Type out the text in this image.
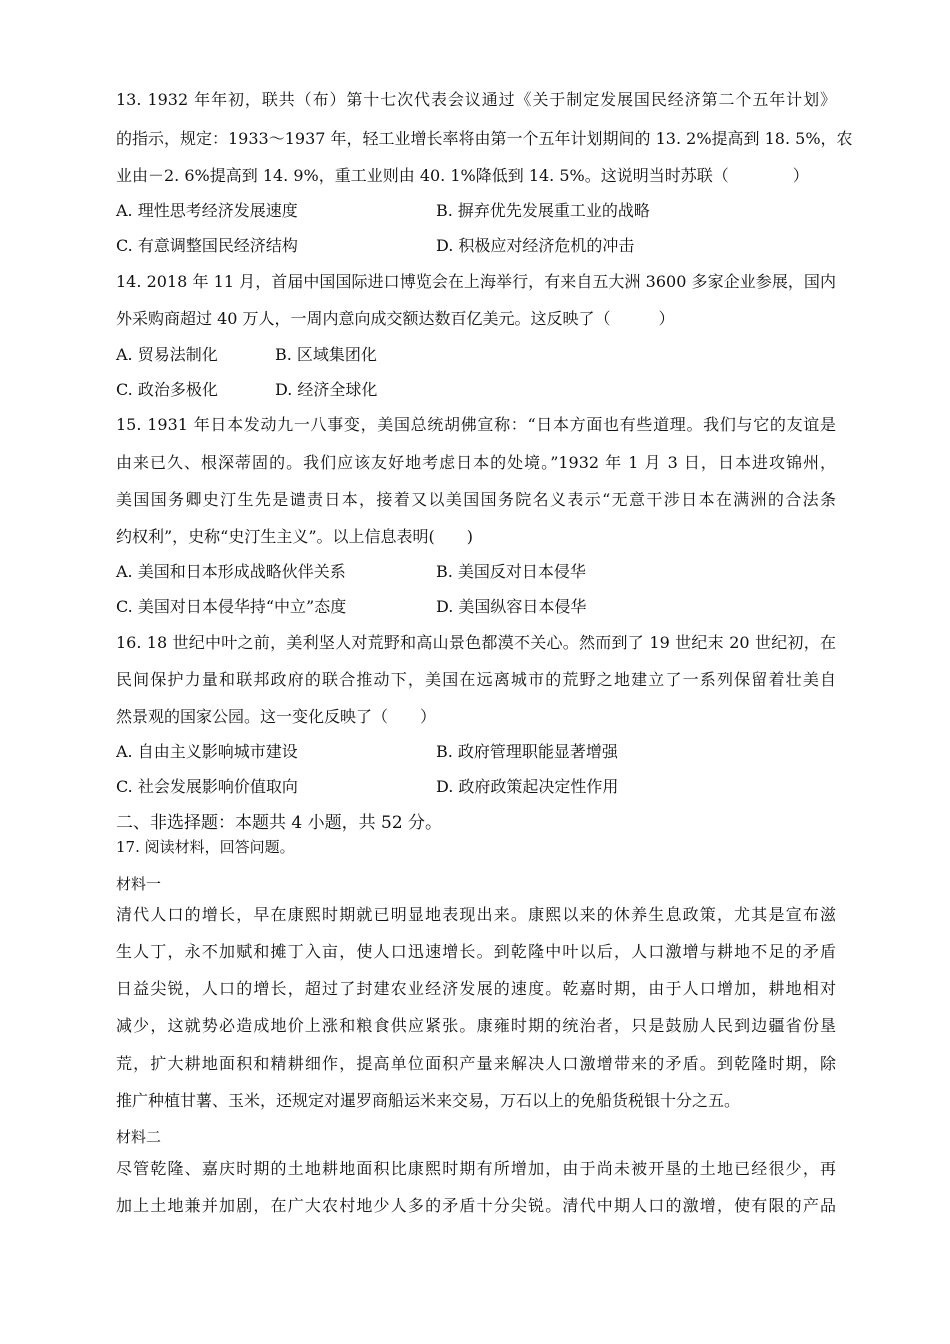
13. 1932 年年初，联共（布）第十七次代表会议通过《关于制定发展国民经济第二个五年计划》
的指示，规定：1933～1937 年，轻工业增长率将由第一个五年计划期间的 13. 2%提高到 18. 5%，农
业由－2. 6%提高到 14. 9%，重工业则由 40. 1%降低到 14. 5%。这说明当时苏联（　　　　）
A. 理性思考经济发展速度	B. 摒弃优先发展重工业的战略
C. 有意调整国民经济结构	D. 积极应对经济危机的冲击
14. 2018 年 11 月，首届中国国际进口博览会在上海举行，有来自五大洲 3600 多家企业参展，国内
外采购商超过 40 万人，一周内意向成交额达数百亿美元。这反映了（　　　）
A. 贸易法制化	B. 区域集团化
C. 政治多极化	D. 经济全球化
15. 1931 年日本发动九一八事变，美国总统胡佛宣称：“日本方面也有些道理。我们与它的友谊是
由来已久、根深蒂固的。我们应该友好地考虑日本的处境。”1932 年 1 月 3 日，日本进攻锦州，
美国国务卿史汀生先是谴责日本，接着又以美国国务院名义表示“无意干涉日本在满洲的合法条
约权利”，史称“史汀生主义”。以上信息表明(　　)
A. 美国和日本形成战略伙伴关系	B. 美国反对日本侵华
C. 美国对日本侵华持“中立”态度	D. 美国纵容日本侵华
16. 18 世纪中叶之前，美利坚人对荒野和高山景色都漠不关心。然而到了 19 世纪末 20 世纪初，在
民间保护力量和联邦政府的联合推动下，美国在远离城市的荒野之地建立了一系列保留着壮美自
然景观的国家公园。这一变化反映了（　　）
A. 自由主义影响城市建设	B. 政府管理职能显著增强
C. 社会发展影响价值取向	D. 政府政策起决定性作用
二、非选择题：本题共 4 小题，共 52 分。
17. 阅读材料，回答问题。
材料一
清代人口的增长，早在康熙时期就已明显地表现出来。康熙以来的休养生息政策，尤其是宣布滋
生人丁，永不加赋和摊丁入亩，使人口迅速增长。到乾隆中叶以后，人口激增与耕地不足的矛盾
日益尖锐，人口的增长，超过了封建农业经济发展的速度。乾嘉时期，由于人口增加，耕地相对
减少，这就势必造成地价上涨和粮食供应紧张。康雍时期的统治者，只是鼓励人民到边疆省份垦
荒，扩大耕地面积和精耕细作，提高单位面积产量来解决人口激增带来的矛盾。到乾隆时期，除
推广种植甘薯、玉米，还规定对暹罗商船运米来交易，万石以上的免船货税银十分之五。
材料二
尽管乾隆、嘉庆时期的土地耕地面积比康熙时期有所增加，由于尚未被开垦的土地已经很少，再
加上土地兼并加剧，在广大农村地少人多的矛盾十分尖锐。清代中期人口的激增，使有限的产品
